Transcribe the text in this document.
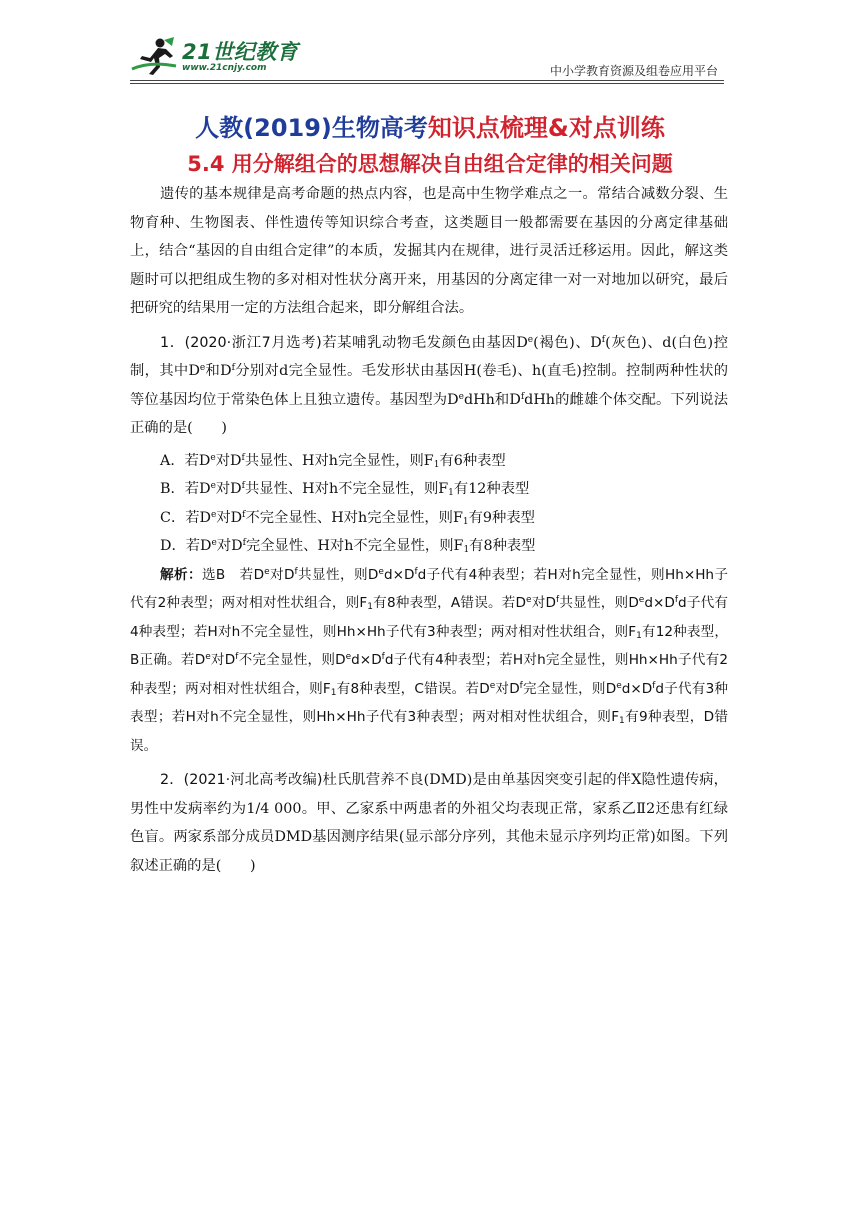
21世纪教育
www.21cnjy.com	中小学教育资源及组卷应用平台
人教(2019)生物高考知识点梳理&对点训练
5.4 用分解组合的思想解决自由组合定律的相关问题

遗传的基本规律是高考命题的热点内容，也是高中生物学难点之一。常结合减数分裂、生物育种、生物图表、伴性遗传等知识综合考查，这类题目一般都需要在基因的分离定律基础上，结合“基因的自由组合定律”的本质，发掘其内在规律，进行灵活迁移运用。因此，解这类题时可以把组成生物的多对相对性状分离开来，用基因的分离定律一对一对地加以研究，最后把研究的结果用一定的方法组合起来，即分解组合法。

1．(2020·浙江7月选考)若某哺乳动物毛发颜色由基因De(褐色)、$D^f$(灰色)、d(白色)控制，其中De和$D^f$分别对d完全显性。毛发形状由基因H(卷毛)、h(直毛)控制。控制两种性状的等位基因均位于常染色体上且独立遗传。基因型为DedHh和$D^fdHh$的雌雄个体交配。下列说法正确的是(　　)

A．若De对$D^f$共显性、H对h完全显性，则$F_1$有6种表型

B．若De对$D^f$共显性、H对h不完全显性，则$F_1$有12种表型

C．若De对$D^f$不完全显性、H对h完全显性，则$F_1$有9种表型

D．若De对$D^f$完全显性、H对h不完全显性，则$F_1$有8种表型

解析：选B　若De对$D^f$共显性，则$D^ed\times D^fd$子代有4种表型；若H对h完全显性，则Hh×Hh子代有2种表型；两对相对性状组合，则$F_1$有8种表型，A错误。若De对$D^f$共显性，则$D^ed\times D^fd$子代有4种表型；若H对h不完全显性，则Hh×Hh子代有3种表型；两对相对性状组合，则$F_1$有12种表型，B正确。若De对$D^f$不完全显性，则$D^ed\times D^fd$子代有4种表型；若H对h完全显性，则Hh×Hh子代有2种表型；两对相对性状组合，则$F_1$有8种表型，C错误。若De对$D^f$完全显性，则$D^ed\times D^fd$子代有3种表型；若H对h不完全显性，则Hh×Hh子代有3种表型；两对相对性状组合，则$F_1$有9种表型，D错误。

2．(2021·河北高考改编)杜氏肌营养不良(DMD)是由单基因突变引起的伴X隐性遗传病，男性中发病率约为1/4 000。甲、乙家系中两患者的外祖父均表现正常，家系乙Ⅱ2还患有红绿色盲。两家系部分成员DMD基因测序结果(显示部分序列，其他未显示序列均正常)如图。下列叙述正确的是(　　)
